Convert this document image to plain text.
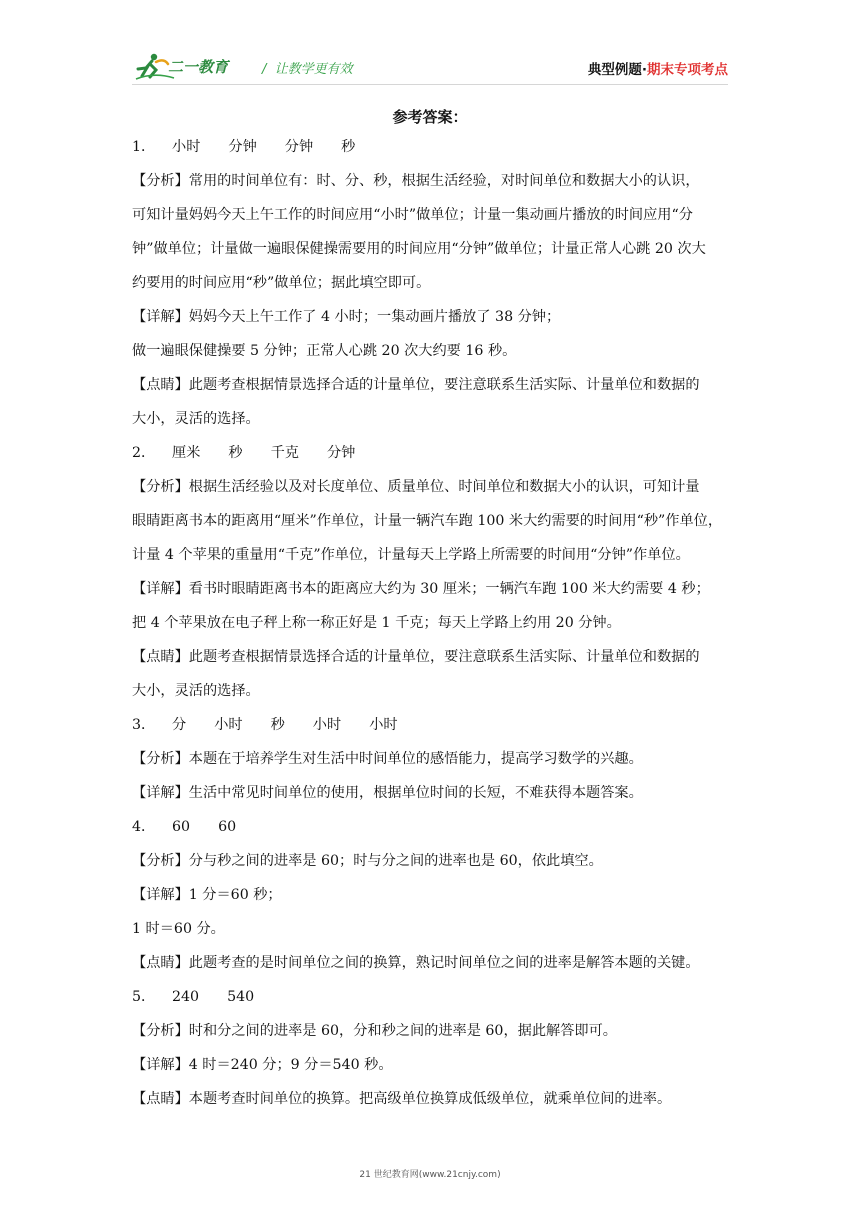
二一教育	/ 让教学更有效	典型例题·期末专项考点
参考答案：
1． 小时 分钟 分钟 秒
【分析】常用的时间单位有：时、分、秒，根据生活经验，对时间单位和数据大小的认识，
可知计量妈妈今天上午工作的时间应用“小时”做单位；计量一集动画片播放的时间应用“分
钟”做单位；计量做一遍眼保健操需要用的时间应用“分钟”做单位；计量正常人心跳 20 次大
约要用的时间应用“秒”做单位；据此填空即可。
【详解】妈妈今天上午工作了 4 小时；一集动画片播放了 38 分钟；
做一遍眼保健操要 5 分钟；正常人心跳 20 次大约要 16 秒。
【点睛】此题考查根据情景选择合适的计量单位，要注意联系生活实际、计量单位和数据的
大小，灵活的选择。
2． 厘米 秒 千克 分钟
【分析】根据生活经验以及对长度单位、质量单位、时间单位和数据大小的认识，可知计量
眼睛距离书本的距离用“厘米”作单位，计量一辆汽车跑 100 米大约需要的时间用“秒”作单位，
计量 4 个苹果的重量用“千克”作单位，计量每天上学路上所需要的时间用“分钟”作单位。
【详解】看书时眼睛距离书本的距离应大约为 30 厘米；一辆汽车跑 100 米大约需要 4 秒；
把 4 个苹果放在电子秤上称一称正好是 1 千克；每天上学路上约用 20 分钟。
【点睛】此题考查根据情景选择合适的计量单位，要注意联系生活实际、计量单位和数据的
大小，灵活的选择。
3． 分 小时 秒 小时 小时
【分析】本题在于培养学生对生活中时间单位的感悟能力，提高学习数学的兴趣。
【详解】生活中常见时间单位的使用，根据单位时间的长短，不难获得本题答案。
4． 60 60
【分析】分与秒之间的进率是 60；时与分之间的进率也是 60，依此填空。
【详解】1 分＝60 秒；
1 时＝60 分。
【点睛】此题考查的是时间单位之间的换算，熟记时间单位之间的进率是解答本题的关键。
5． 240 540
【分析】时和分之间的进率是 60，分和秒之间的进率是 60，据此解答即可。
【详解】4 时＝240 分；9 分＝540 秒。
【点睛】本题考查时间单位的换算。把高级单位换算成低级单位，就乘单位间的进率。
21 世纪教育网(www.21cnjy.com)
